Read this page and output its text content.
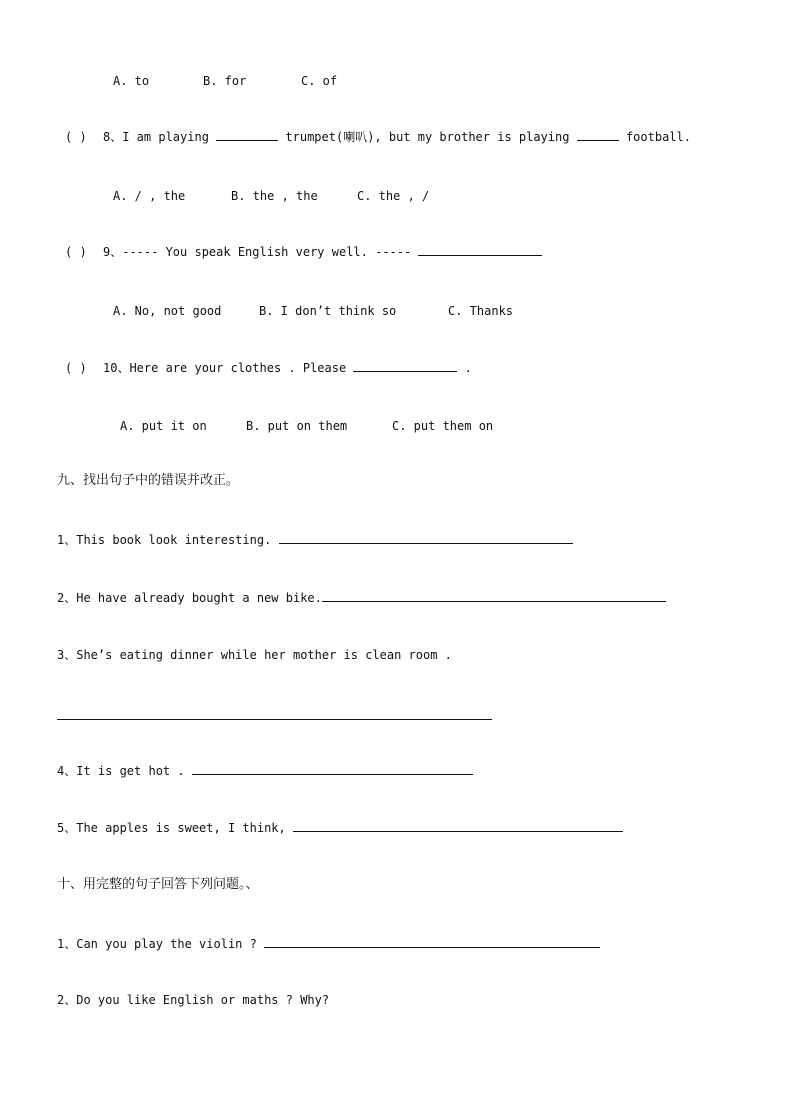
A. to	B. for	C. of
( ) 8、I am playing	trumpet(喇叭), but my brother is playing	football.
A. / , the	B. the , the	C. the , /
( ) 9、----- You speak English very well. -----
A. No, not good	B. I don’t think so	C. Thanks
( ) 10、Here are your clothes . Please	.
A. put it on	B. put on them	C. put them on
九、找出句子中的错误并改正。
1、This book look interesting.
2、He have already bought a new bike.
3、She’s eating dinner while her mother is clean room .
4、It is get hot .
5、The apples is sweet, I think,
十、用完整的句子回答下列问题。、
1、Can you play the violin ?
2、Do you like English or maths ? Why?
